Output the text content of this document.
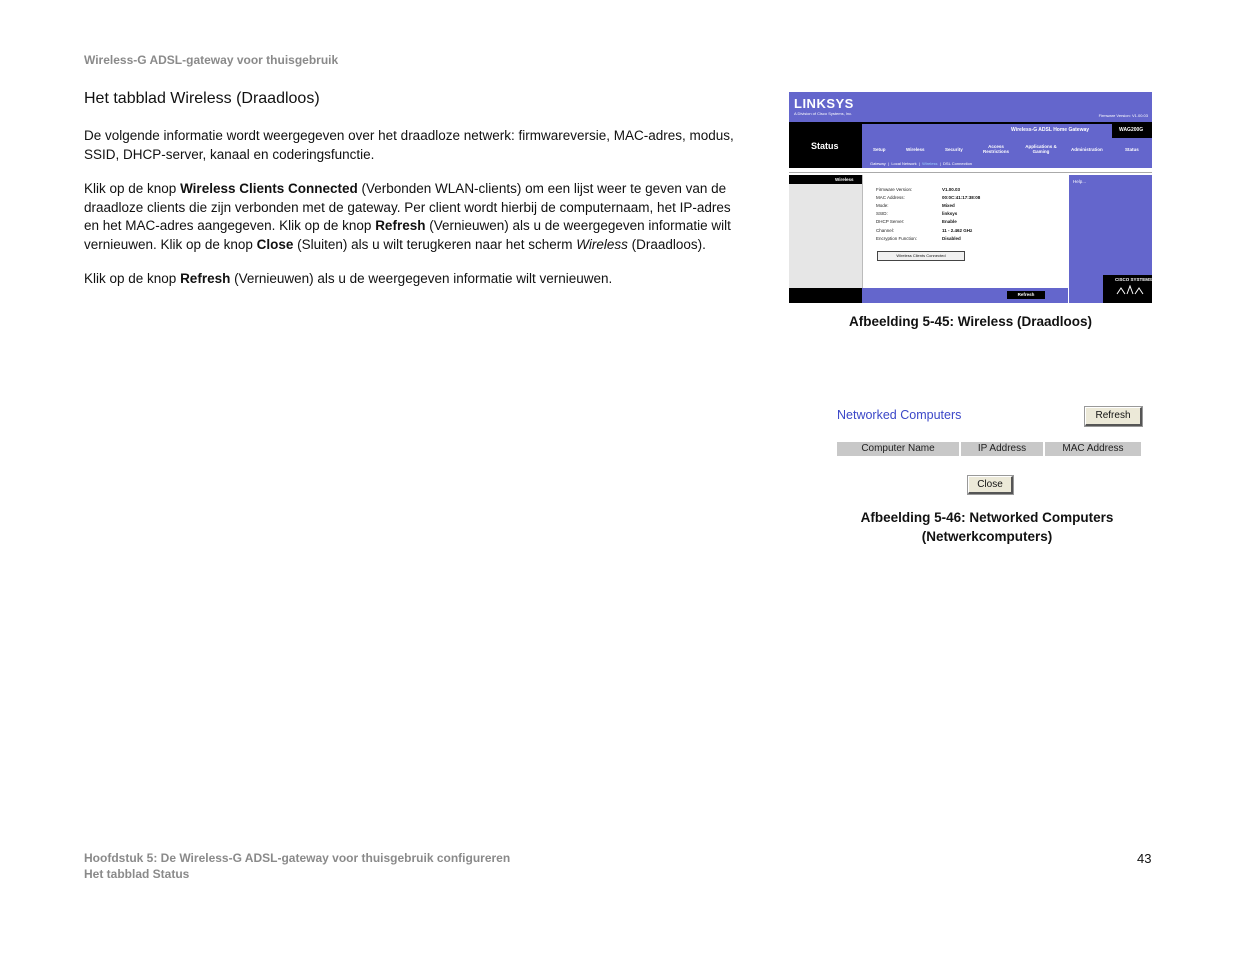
Wireless-G ADSL-gateway voor thuisgebruik
Het tabblad Wireless (Draadloos)
De volgende informatie wordt weergegeven over het draadloze netwerk: firmwareversie, MAC-adres, modus, SSID, DHCP-server, kanaal en coderingsfunctie.
Klik op de knop Wireless Clients Connected (Verbonden WLAN-clients) om een lijst weer te geven van de draadloze clients die zijn verbonden met de gateway. Per client wordt hierbij de computernaam, het IP-adres en het MAC-adres aangegeven. Klik op de knop Refresh (Vernieuwen) als u de weergegeven informatie wilt vernieuwen. Klik op de knop Close (Sluiten) als u wilt terugkeren naar het scherm Wireless (Draadloos).
Klik op de knop Refresh (Vernieuwen) als u de weergegeven informatie wilt vernieuwen.
LINKSYS
A Division of Cisco Systems, Inc.	Firmware Version: V1.00.03
Status
Wireless-G ADSL Home Gateway	WAG200G
Setup	Wireless	Security
Access Restrictions
Applications & Gaming	Administration	Status
Gateway | Local Network | Wireless | DSL Connection
Wireless
Firmware Version:	V1.00.03
MAC Address:	00:0C:41:17:38:08
Mode:	Mixed
SSID:	linksys
DHCP Server:	Enable
Channel:	11 - 2.462 GHz
Encryption Function:	Disabled
Wireless Clients Connected
Refresh
Help...
CISCO SYSTEMS
Afbeelding 5-45: Wireless (Draadloos)
Networked Computers	Refresh
Computer Name	IP Address	MAC Address
Close
Afbeelding 5-46: Networked Computers
(Netwerkcomputers)
Hoofdstuk 5: De Wireless-G ADSL-gateway voor thuisgebruik configureren
Het tabblad Status
43
